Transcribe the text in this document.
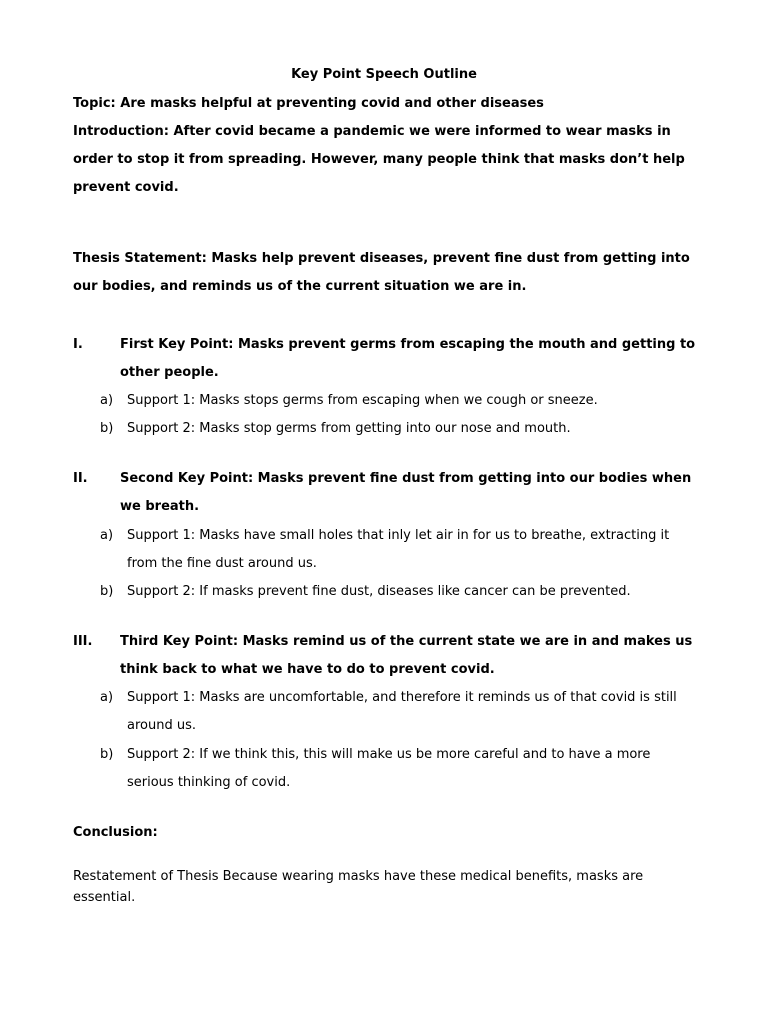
Key Point Speech Outline
Topic: Are masks helpful at preventing covid and other diseases
Introduction: After covid became a pandemic we were informed to wear masks in
order to stop it from spreading. However, many people think that masks don’t help
prevent covid.
Thesis Statement: Masks help prevent diseases, prevent fine dust from getting into
our bodies, and reminds us of the current situation we are in.
I.	First Key Point: Masks prevent germs from escaping the mouth and getting to
other people.
a) Support 1: Masks stops germs from escaping when we cough or sneeze.
b) Support 2: Masks stop germs from getting into our nose and mouth.
II. Second Key Point: Masks prevent fine dust from getting into our bodies when
we breath.
a) Support 1: Masks have small holes that inly let air in for us to breathe, extracting it
from the fine dust around us.
b) Support 2: If masks prevent fine dust, diseases like cancer can be prevented.
III. Third Key Point: Masks remind us of the current state we are in and makes us
think back to what we have to do to prevent covid.
a) Support 1: Masks are uncomfortable, and therefore it reminds us of that covid is still
around us.
b) Support 2: If we think this, this will make us be more careful and to have a more
serious thinking of covid.
Conclusion:
Restatement of Thesis Because wearing masks have these medical benefits, masks are essential.
